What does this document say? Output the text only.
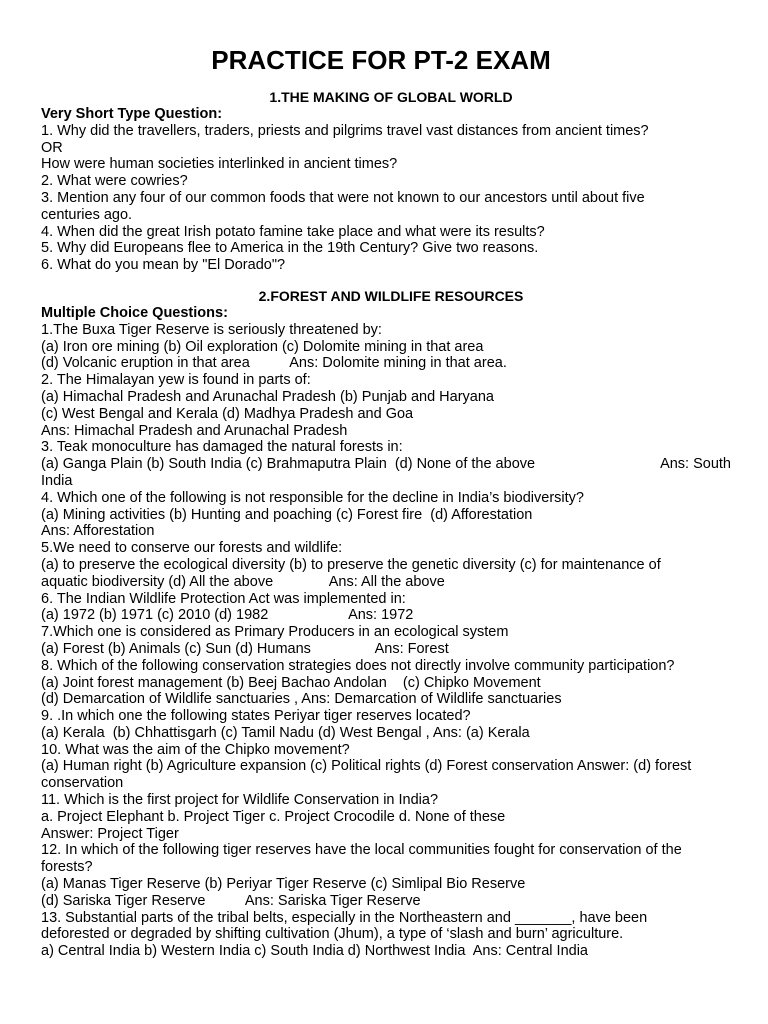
PRACTICE FOR PT-2 EXAM
1.THE MAKING OF GLOBAL WORLD
Very Short Type Question:
1. Why did the travellers, traders, priests and pilgrims travel vast distances from ancient times?
OR
How were human societies interlinked in ancient times?
2. What were cowries?
3. Mention any four of our common foods that were not known to our ancestors until about five
centuries ago.
4. When did the great Irish potato famine take place and what were its results?
5. Why did Europeans flee to America in the 19th Century? Give two reasons.
6. What do you mean by "El Dorado"?
2.FOREST AND WILDLIFE RESOURCES
Multiple Choice Questions:
1.The Buxa Tiger Reserve is seriously threatened by:
(a) Iron ore mining (b) Oil exploration (c) Dolomite mining in that area
(d) Volcanic eruption in that area          Ans: Dolomite mining in that area.
2. The Himalayan yew is found in parts of:
(a) Himachal Pradesh and Arunachal Pradesh (b) Punjab and Haryana
(c) West Bengal and Kerala (d) Madhya Pradesh and Goa
Ans: Himachal Pradesh and Arunachal Pradesh
3. Teak monoculture has damaged the natural forests in:
(a) Ganga Plain (b) South India (c) Brahmaputra Plain  (d) None of the above	Ans: South
India
4. Which one of the following is not responsible for the decline in India’s biodiversity?
(a) Mining activities (b) Hunting and poaching (c) Forest fire  (d) Afforestation
Ans: Afforestation
5.We need to conserve our forests and wildlife:
(a) to preserve the ecological diversity (b) to preserve the genetic diversity (c) for maintenance of
aquatic biodiversity (d) All the above              Ans: All the above
6. The Indian Wildlife Protection Act was implemented in:
(a) 1972 (b) 1971 (c) 2010 (d) 1982                    Ans: 1972
7.Which one is considered as Primary Producers in an ecological system
(a) Forest (b) Animals (c) Sun (d) Humans                Ans: Forest
8. Which of the following conservation strategies does not directly involve community participation?
(a) Joint forest management (b) Beej Bachao Andolan    (c) Chipko Movement
(d) Demarcation of Wildlife sanctuaries , Ans: Demarcation of Wildlife sanctuaries
9. .In which one the following states Periyar tiger reserves located?
(a) Kerala  (b) Chhattisgarh (c) Tamil Nadu (d) West Bengal , Ans: (a) Kerala
10. What was the aim of the Chipko movement?
(a) Human right (b) Agriculture expansion (c) Political rights (d) Forest conservation Answer: (d) forest
conservation
11. Which is the first project for Wildlife Conservation in India?
a. Project Elephant b. Project Tiger c. Project Crocodile d. None of these
Answer: Project Tiger
12. In which of the following tiger reserves have the local communities fought for conservation of the
forests?
(a) Manas Tiger Reserve (b) Periyar Tiger Reserve (c) Simlipal Bio Reserve
(d) Sariska Tiger Reserve          Ans: Sariska Tiger Reserve
13. Substantial parts of the tribal belts, especially in the Northeastern and _______, have been
deforested or degraded by shifting cultivation (Jhum), a type of ‘slash and burn’ agriculture.
a) Central India b) Western India c) South India d) Northwest India  Ans: Central India
